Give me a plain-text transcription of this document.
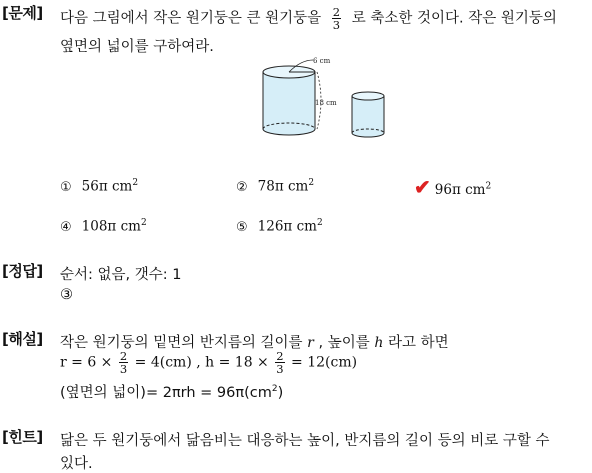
[문제] 다음 그림에서 작은 원기둥은 큰 원기둥을 $\frac{2}{3}$ 로 축소한 것이다. 작은 원기둥의
옆면의 넓이를 구하여라.
6 cm
18 cm
① 56π $cm^2$	② 78π $cm^2$	✔ 96π $cm^2$
④ 108π $cm^2$	⑤ 126π $cm^2$
[정답] 순서: 없음, 갯수: 1
③
[해설] 작은 원기둥의 밑면의 반지름의 길이를 r , 높이를 h 라고 하면
$r = 6 \times \frac{2}{3} = 4(cm)$ , $h = 18 \times \frac{2}{3} = 12(cm)$
(옆면의 넓이)= $2\pi rh = 96\pi(cm^2)$
[힌트] 닮은 두 원기둥에서 닮음비는 대응하는 높이, 반지름의 길이 등의 비로 구할 수
있다.
